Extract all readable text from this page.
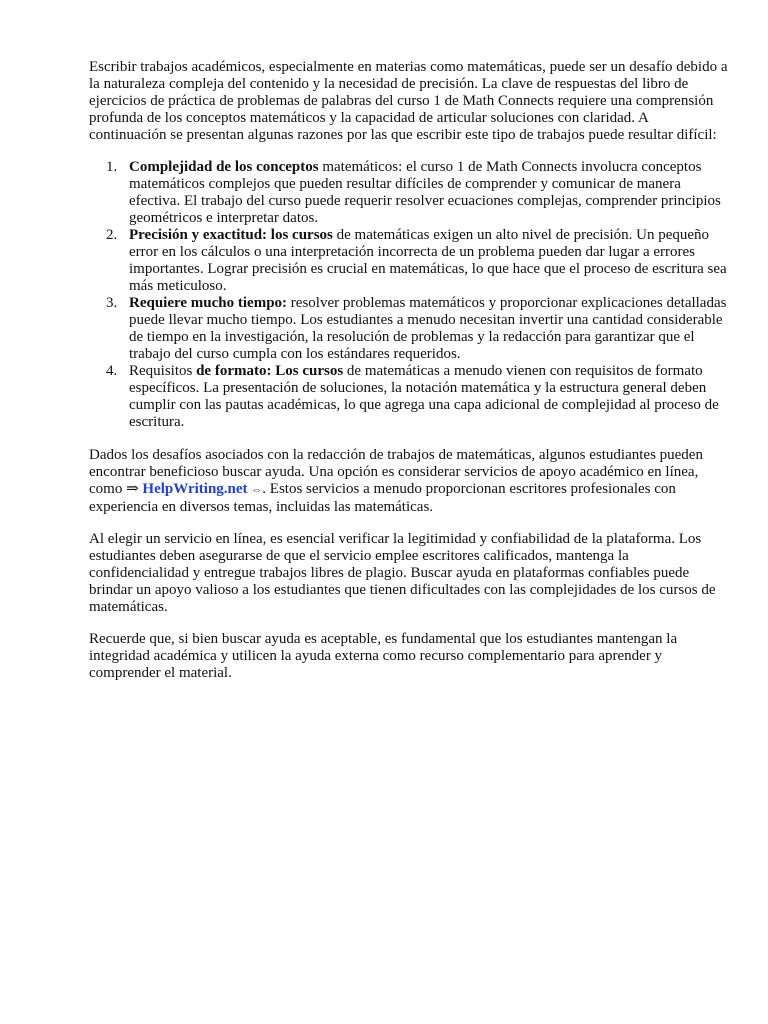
Escribir trabajos académicos, especialmente en materias como matemáticas, puede ser un desafío debido a la naturaleza compleja del contenido y la necesidad de precisión. La clave de respuestas del libro de ejercicios de práctica de problemas de palabras del curso 1 de Math Connects requiere una comprensión profunda de los conceptos matemáticos y la capacidad de articular soluciones con claridad. A continuación se presentan algunas razones por las que escribir este tipo de trabajos puede resultar difícil:

1. Complejidad de los conceptos matemáticos: el curso 1 de Math Connects involucra conceptos matemáticos complejos que pueden resultar difíciles de comprender y comunicar de manera efectiva. El trabajo del curso puede requerir resolver ecuaciones complejas, comprender principios geométricos e interpretar datos.
2. Precisión y exactitud: los cursos de matemáticas exigen un alto nivel de precisión. Un pequeño error en los cálculos o una interpretación incorrecta de un problema pueden dar lugar a errores importantes. Lograr precisión es crucial en matemáticas, lo que hace que el proceso de escritura sea más meticuloso.
3. Requiere mucho tiempo: resolver problemas matemáticos y proporcionar explicaciones detalladas puede llevar mucho tiempo. Los estudiantes a menudo necesitan invertir una cantidad considerable de tiempo en la investigación, la resolución de problemas y la redacción para garantizar que el trabajo del curso cumpla con los estándares requeridos.
4. Requisitos de formato: Los cursos de matemáticas a menudo vienen con requisitos de formato específicos. La presentación de soluciones, la notación matemática y la estructura general deben cumplir con las pautas académicas, lo que agrega una capa adicional de complejidad al proceso de escritura.

Dados los desafíos asociados con la redacción de trabajos de matemáticas, algunos estudiantes pueden encontrar beneficioso buscar ayuda. Una opción es considerar servicios de apoyo académico en línea, como ⇒ HelpWriting.net ⇔. Estos servicios a menudo proporcionan escritores profesionales con experiencia en diversos temas, incluidas las matemáticas.

Al elegir un servicio en línea, es esencial verificar la legitimidad y confiabilidad de la plataforma. Los estudiantes deben asegurarse de que el servicio emplee escritores calificados, mantenga la confidencialidad y entregue trabajos libres de plagio. Buscar ayuda en plataformas confiables puede brindar un apoyo valioso a los estudiantes que tienen dificultades con las complejidades de los cursos de matemáticas.

Recuerde que, si bien buscar ayuda es aceptable, es fundamental que los estudiantes mantengan la integridad académica y utilicen la ayuda externa como recurso complementario para aprender y comprender el material.
